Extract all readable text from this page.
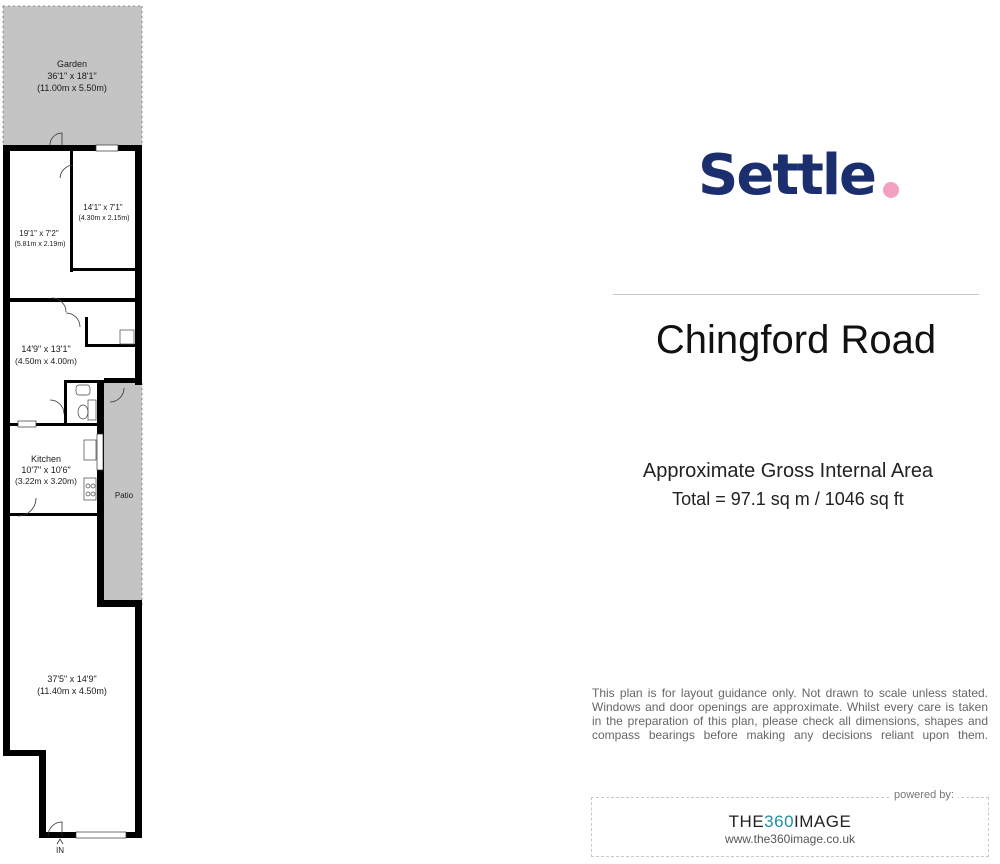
Garden
36'1" x 18'1"
(11.00m x 5.50m)
19'1" x 7'2"
(5.81m x 2.19m)
14'1" x 7'1"
(4.30m x 2.15m)
14'9" x 13'1"
(4.50m x 4.00m)
Kitchen
10'7" x 10'6"
(3.22m x 3.20m)
Patio
37'5" x 14'9"
(11.40m x 4.50m)
IN
Settle
Chingford Road
Approximate Gross Internal Area
Total = 97.1 sq m / 1046 sq ft
This plan is for layout guidance only. Not drawn to scale unless stated. Windows and door openings are approximate. Whilst every care is taken in the preparation of this plan, please check all dimensions, shapes and compass bearings before making any decisions reliant upon them.
powered by:
THE360IMAGE
www.the360image.co.uk
